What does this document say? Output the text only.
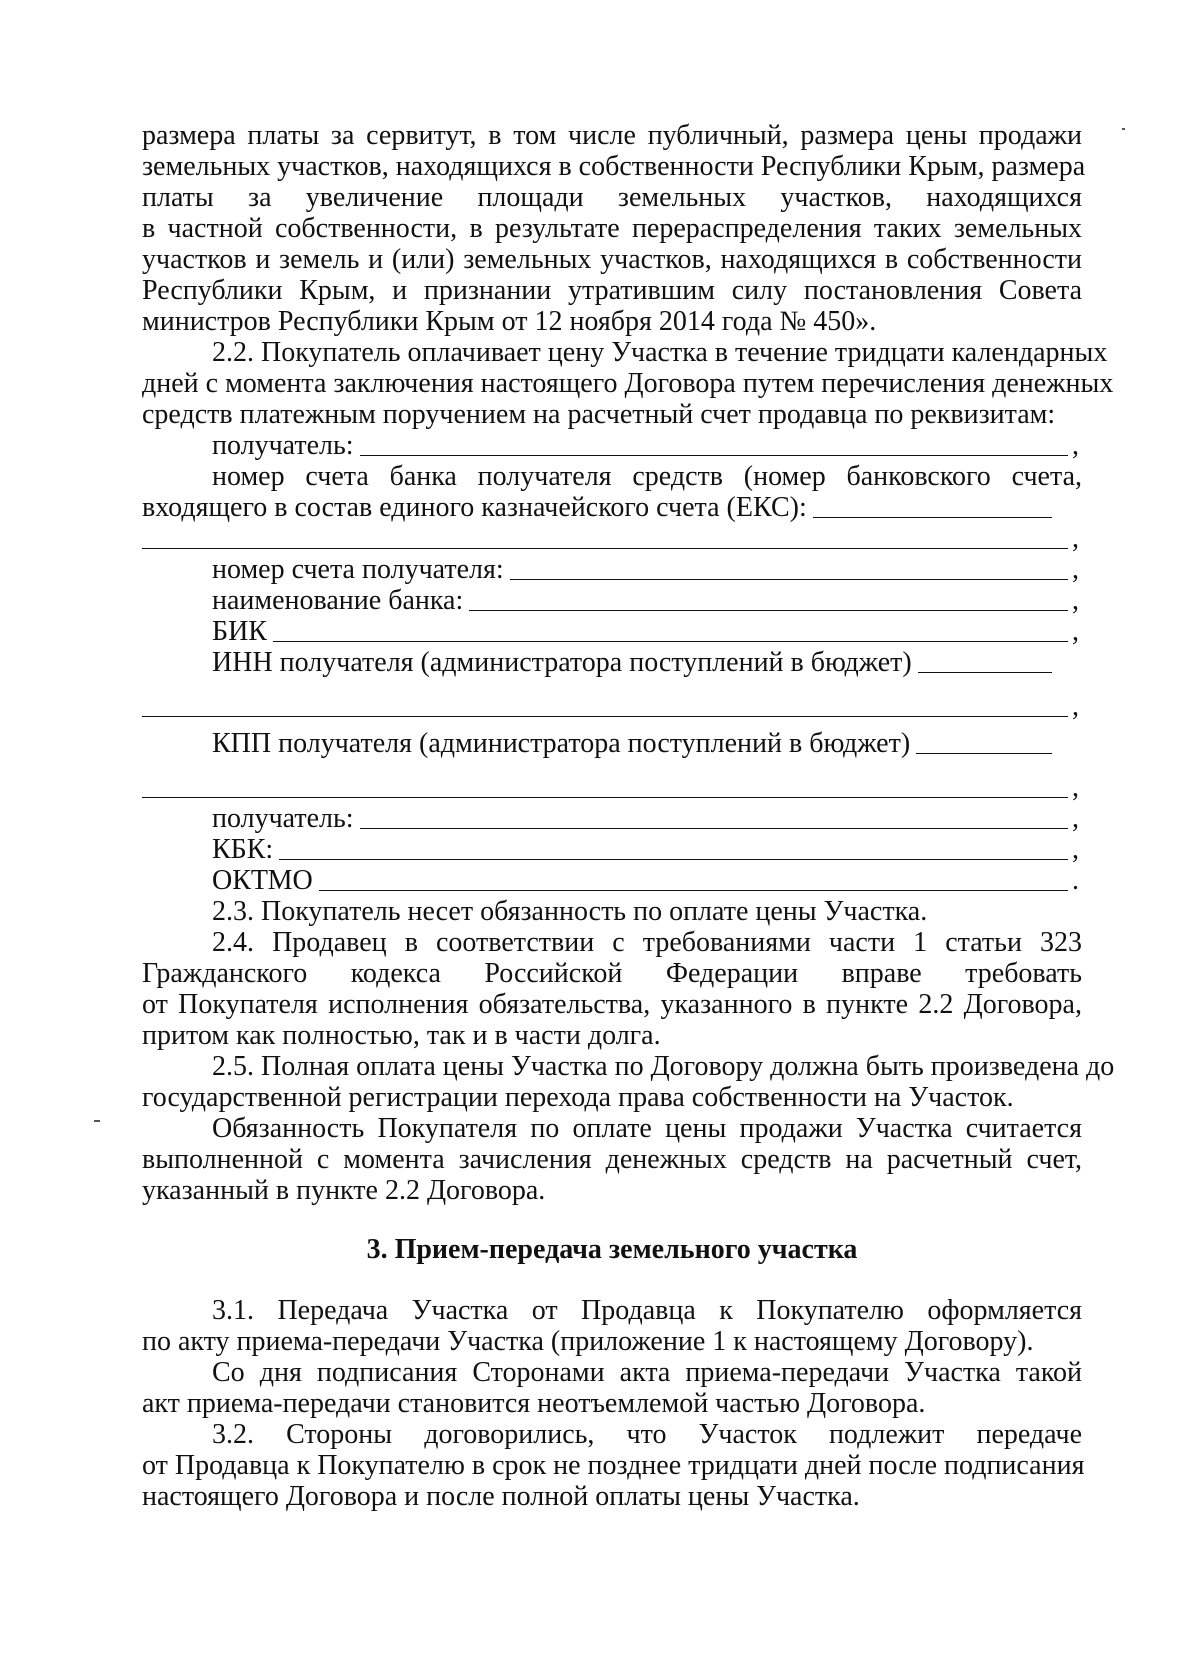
размера платы за сервитут, в том числе публичный, размера цены продажи
земельных участков, находящихся в собственности Республики Крым, размера
платы за увеличение площади земельных участков, находящихся
в частной собственности, в результате перераспределения таких земельных
участков и земель и (или) земельных участков, находящихся в собственности
Республики Крым, и признании утратившим силу постановления Совета
министров Республики Крым от 12 ноября 2014 года № 450».
2.2. Покупатель оплачивает цену Участка в течение тридцати календарных
дней с момента заключения настоящего Договора путем перечисления денежных
средств платежным поручением на расчетный счет продавца по реквизитам:
получатель:	,
номер счета банка получателя средств (номер банковского счета,
входящего в состав единого казначейского счета (ЕКС):
,
номер счета получателя:	,
наименование банка:	,
БИК	,
ИНН получателя (администратора поступлений в бюджет)
,
КПП получателя (администратора поступлений в бюджет)
,
получатель:	,
КБК:	,
ОКТМО	.
2.3. Покупатель несет обязанность по оплате цены Участка.
2.4. Продавец в соответствии с требованиями части 1 статьи 323
Гражданского кодекса Российской Федерации вправе требовать
от Покупателя исполнения обязательства, указанного в пункте 2.2 Договора,
притом как полностью, так и в части долга.
2.5. Полная оплата цены Участка по Договору должна быть произведена до
государственной регистрации перехода права собственности на Участок.
Обязанность Покупателя по оплате цены продажи Участка считается
выполненной с момента зачисления денежных средств на расчетный счет,
указанный в пункте 2.2 Договора.
3. Прием-передача земельного участка
3.1. Передача Участка от Продавца к Покупателю оформляется
по акту приема-передачи Участка (приложение 1 к настоящему Договору).
Со дня подписания Сторонами акта приема-передачи Участка такой
акт приема-передачи становится неотъемлемой частью Договора.
3.2. Стороны договорились, что Участок подлежит передаче
от Продавца к Покупателю в срок не позднее тридцати дней после подписания
настоящего Договора и после полной оплаты цены Участка.
